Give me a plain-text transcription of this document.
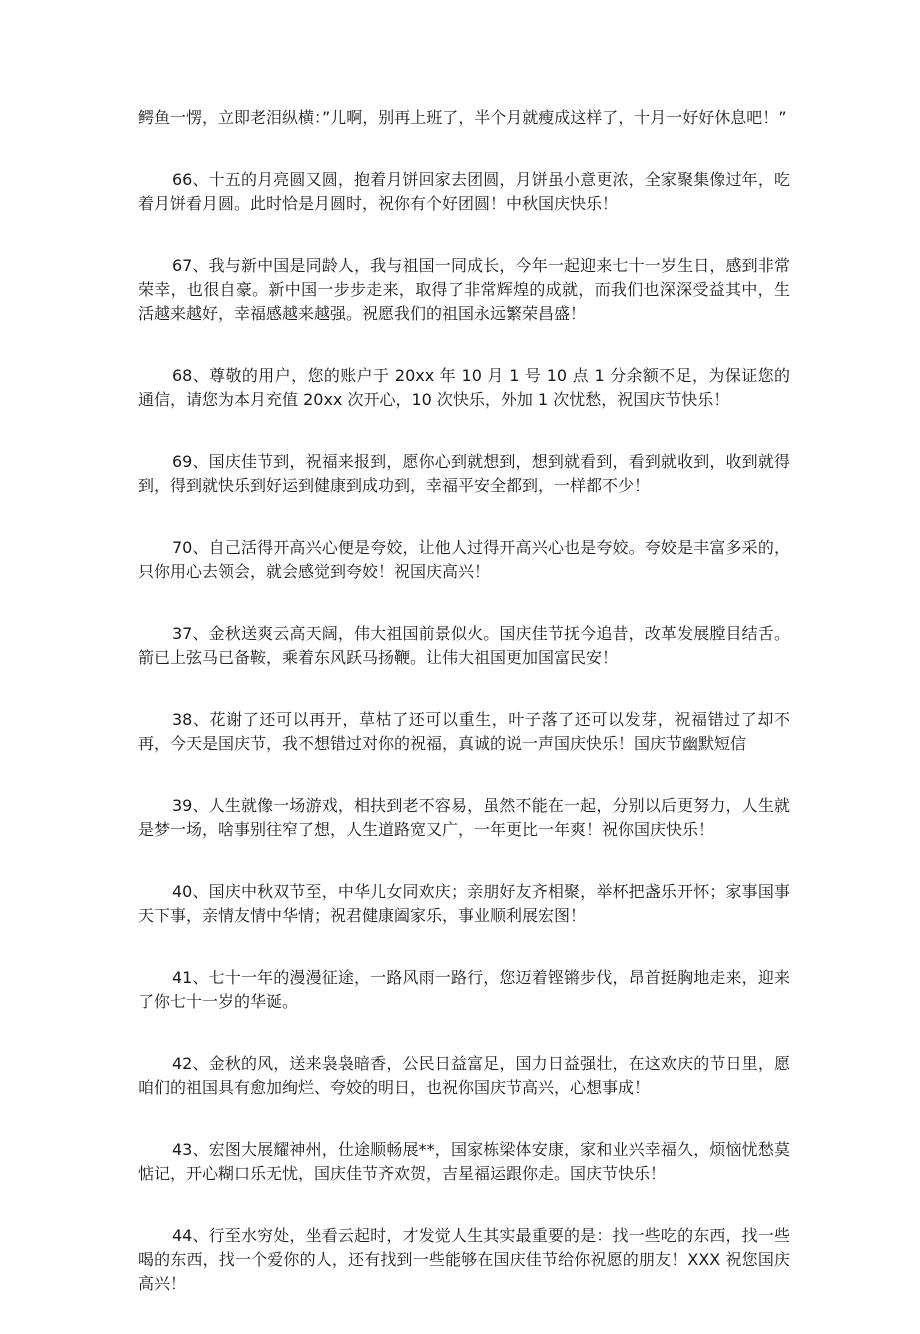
鳄鱼一愣，立即老泪纵横：”儿啊，别再上班了，半个月就瘦成这样了，十月一好好休息吧！”

66、十五的月亮圆又圆，抱着月饼回家去团圆，月饼虽小意更浓，全家聚集像过年，吃着月饼看月圆。此时恰是月圆时，祝你有个好团圆！中秋国庆快乐！

67、我与新中国是同龄人，我与祖国一同成长，今年一起迎来七十一岁生日，感到非常荣幸，也很自豪。新中国一步步走来，取得了非常辉煌的成就，而我们也深深受益其中，生活越来越好，幸福感越来越强。祝愿我们的祖国永远繁荣昌盛！

68、尊敬的用户，您的账户于 20xx 年 10 月 1 号 10 点 1 分余额不足，为保证您的通信，请您为本月充值 20xx 次开心，10 次快乐，外加 1 次忧愁，祝国庆节快乐！

69、国庆佳节到，祝福来报到，愿你心到就想到，想到就看到，看到就收到，收到就得到，得到就快乐到好运到健康到成功到，幸福平安全都到，一样都不少！

70、自己活得开高兴心便是夸姣，让他人过得开高兴心也是夸姣。夸姣是丰富多采的，只你用心去领会，就会感觉到夸姣！祝国庆高兴！

37、金秋送爽云高天阔，伟大祖国前景似火。国庆佳节抚今追昔，改革发展膛目结舌。箭已上弦马已备鞍，乘着东风跃马扬鞭。让伟大祖国更加国富民安！

38、花谢了还可以再开，草枯了还可以重生，叶子落了还可以发芽，祝福错过了却不再，今天是国庆节，我不想错过对你的祝福，真诚的说一声国庆快乐！国庆节幽默短信

39、人生就像一场游戏，相扶到老不容易，虽然不能在一起，分别以后更努力，人生就是梦一场，啥事别往窄了想，人生道路宽又广，一年更比一年爽！祝你国庆快乐！

40、国庆中秋双节至，中华儿女同欢庆；亲朋好友齐相聚，举杯把盏乐开怀；家事国事天下事，亲情友情中华情；祝君健康阖家乐，事业顺利展宏图！

41、七十一年的漫漫征途，一路风雨一路行，您迈着铿锵步伐，昂首挺胸地走来，迎来了你七十一岁的华诞。

42、金秋的风，送来袅袅暗香，公民日益富足，国力日益强壮，在这欢庆的节日里，愿咱们的祖国具有愈加绚烂、夸姣的明日，也祝你国庆节高兴，心想事成！

43、宏图大展耀神州，仕途顺畅展**，国家栋梁体安康，家和业兴幸福久，烦恼忧愁莫惦记，开心糊口乐无忧，国庆佳节齐欢贺，吉星福运跟你走。国庆节快乐！

44、行至水穷处，坐看云起时，才发觉人生其实最重要的是：找一些吃的东西，找一些喝的东西，找一个爱你的人，还有找到一些能够在国庆佳节给你祝愿的朋友！XXX 祝您国庆高兴！
